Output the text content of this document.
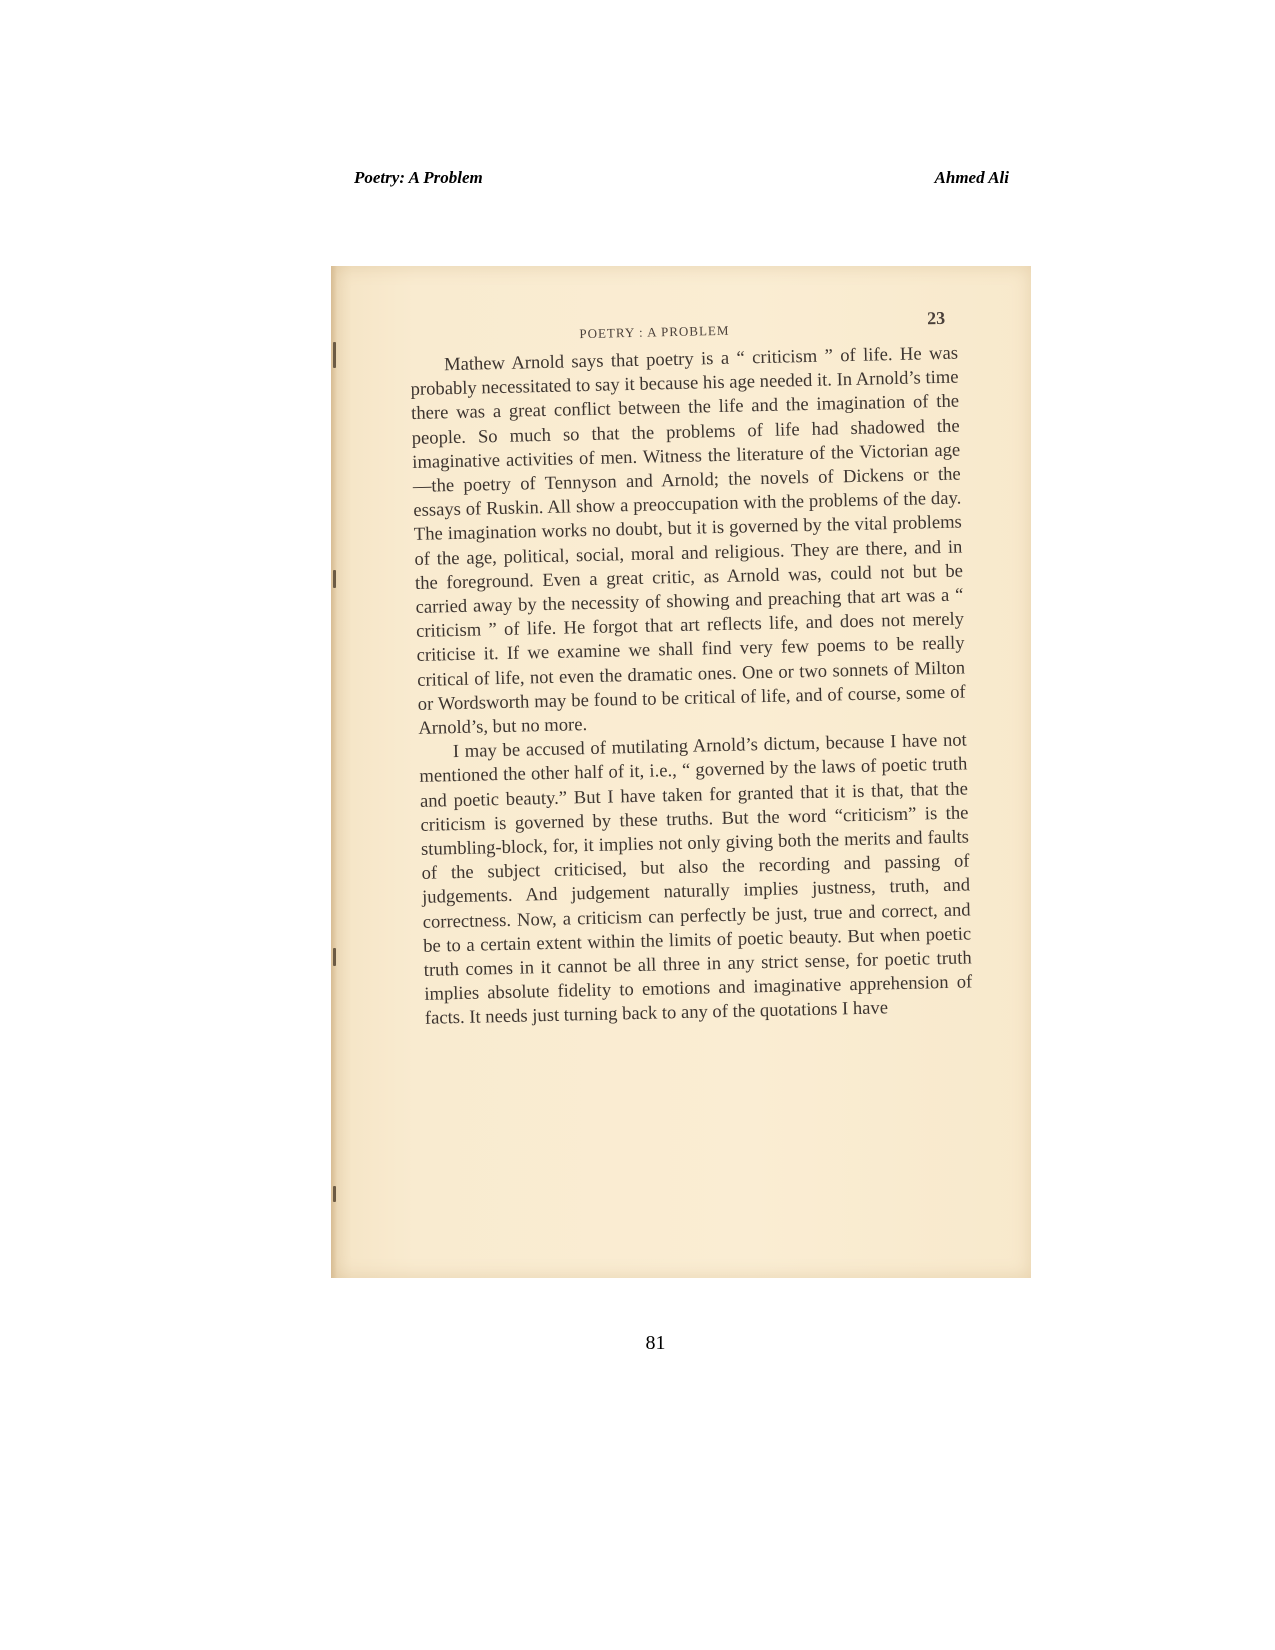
Poetry: A Problem	Ahmed Ali
POETRY : A PROBLEM
23

Mathew Arnold says that poetry is a “ criticism ” of life. He was probably necessitated to say it because his age needed it. In Arnold’s time there was a great conflict between the life and the imagination of the people. So much so that the problems of life had shadowed the imaginative activities of men. Witness the literature of the Victorian age—the poetry of Tennyson and Arnold; the novels of Dickens or the essays of Ruskin. All show a preoccupation with the problems of the day. The imagination works no doubt, but it is governed by the vital problems of the age, political, social, moral and religious. They are there, and in the foreground. Even a great critic, as Arnold was, could not but be carried away by the necessity of showing and preaching that art was a “ criticism ” of life. He forgot that art reflects life, and does not merely criticise it. If we examine we shall find very few poems to be really critical of life, not even the dramatic ones. One or two sonnets of Milton or Wordsworth may be found to be critical of life, and of course, some of Arnold’s, but no more.

I may be accused of mutilating Arnold’s dictum, because I have not mentioned the other half of it, i.e., “ governed by the laws of poetic truth and poetic beauty.” But I have taken for granted that it is that, that the criticism is governed by these truths. But the word “criticism” is the stumbling-block, for, it implies not only giving both the merits and faults of the subject criticised, but also the recording and passing of judgements. And judgement naturally implies justness, truth, and correctness. Now, a criticism can perfectly be just, true and correct, and be to a certain extent within the limits of poetic beauty. But when poetic truth comes in it cannot be all three in any strict sense, for poetic truth implies absolute fidelity to emotions and imaginative apprehension of facts. It needs just turning back to any of the quotations I have

81
